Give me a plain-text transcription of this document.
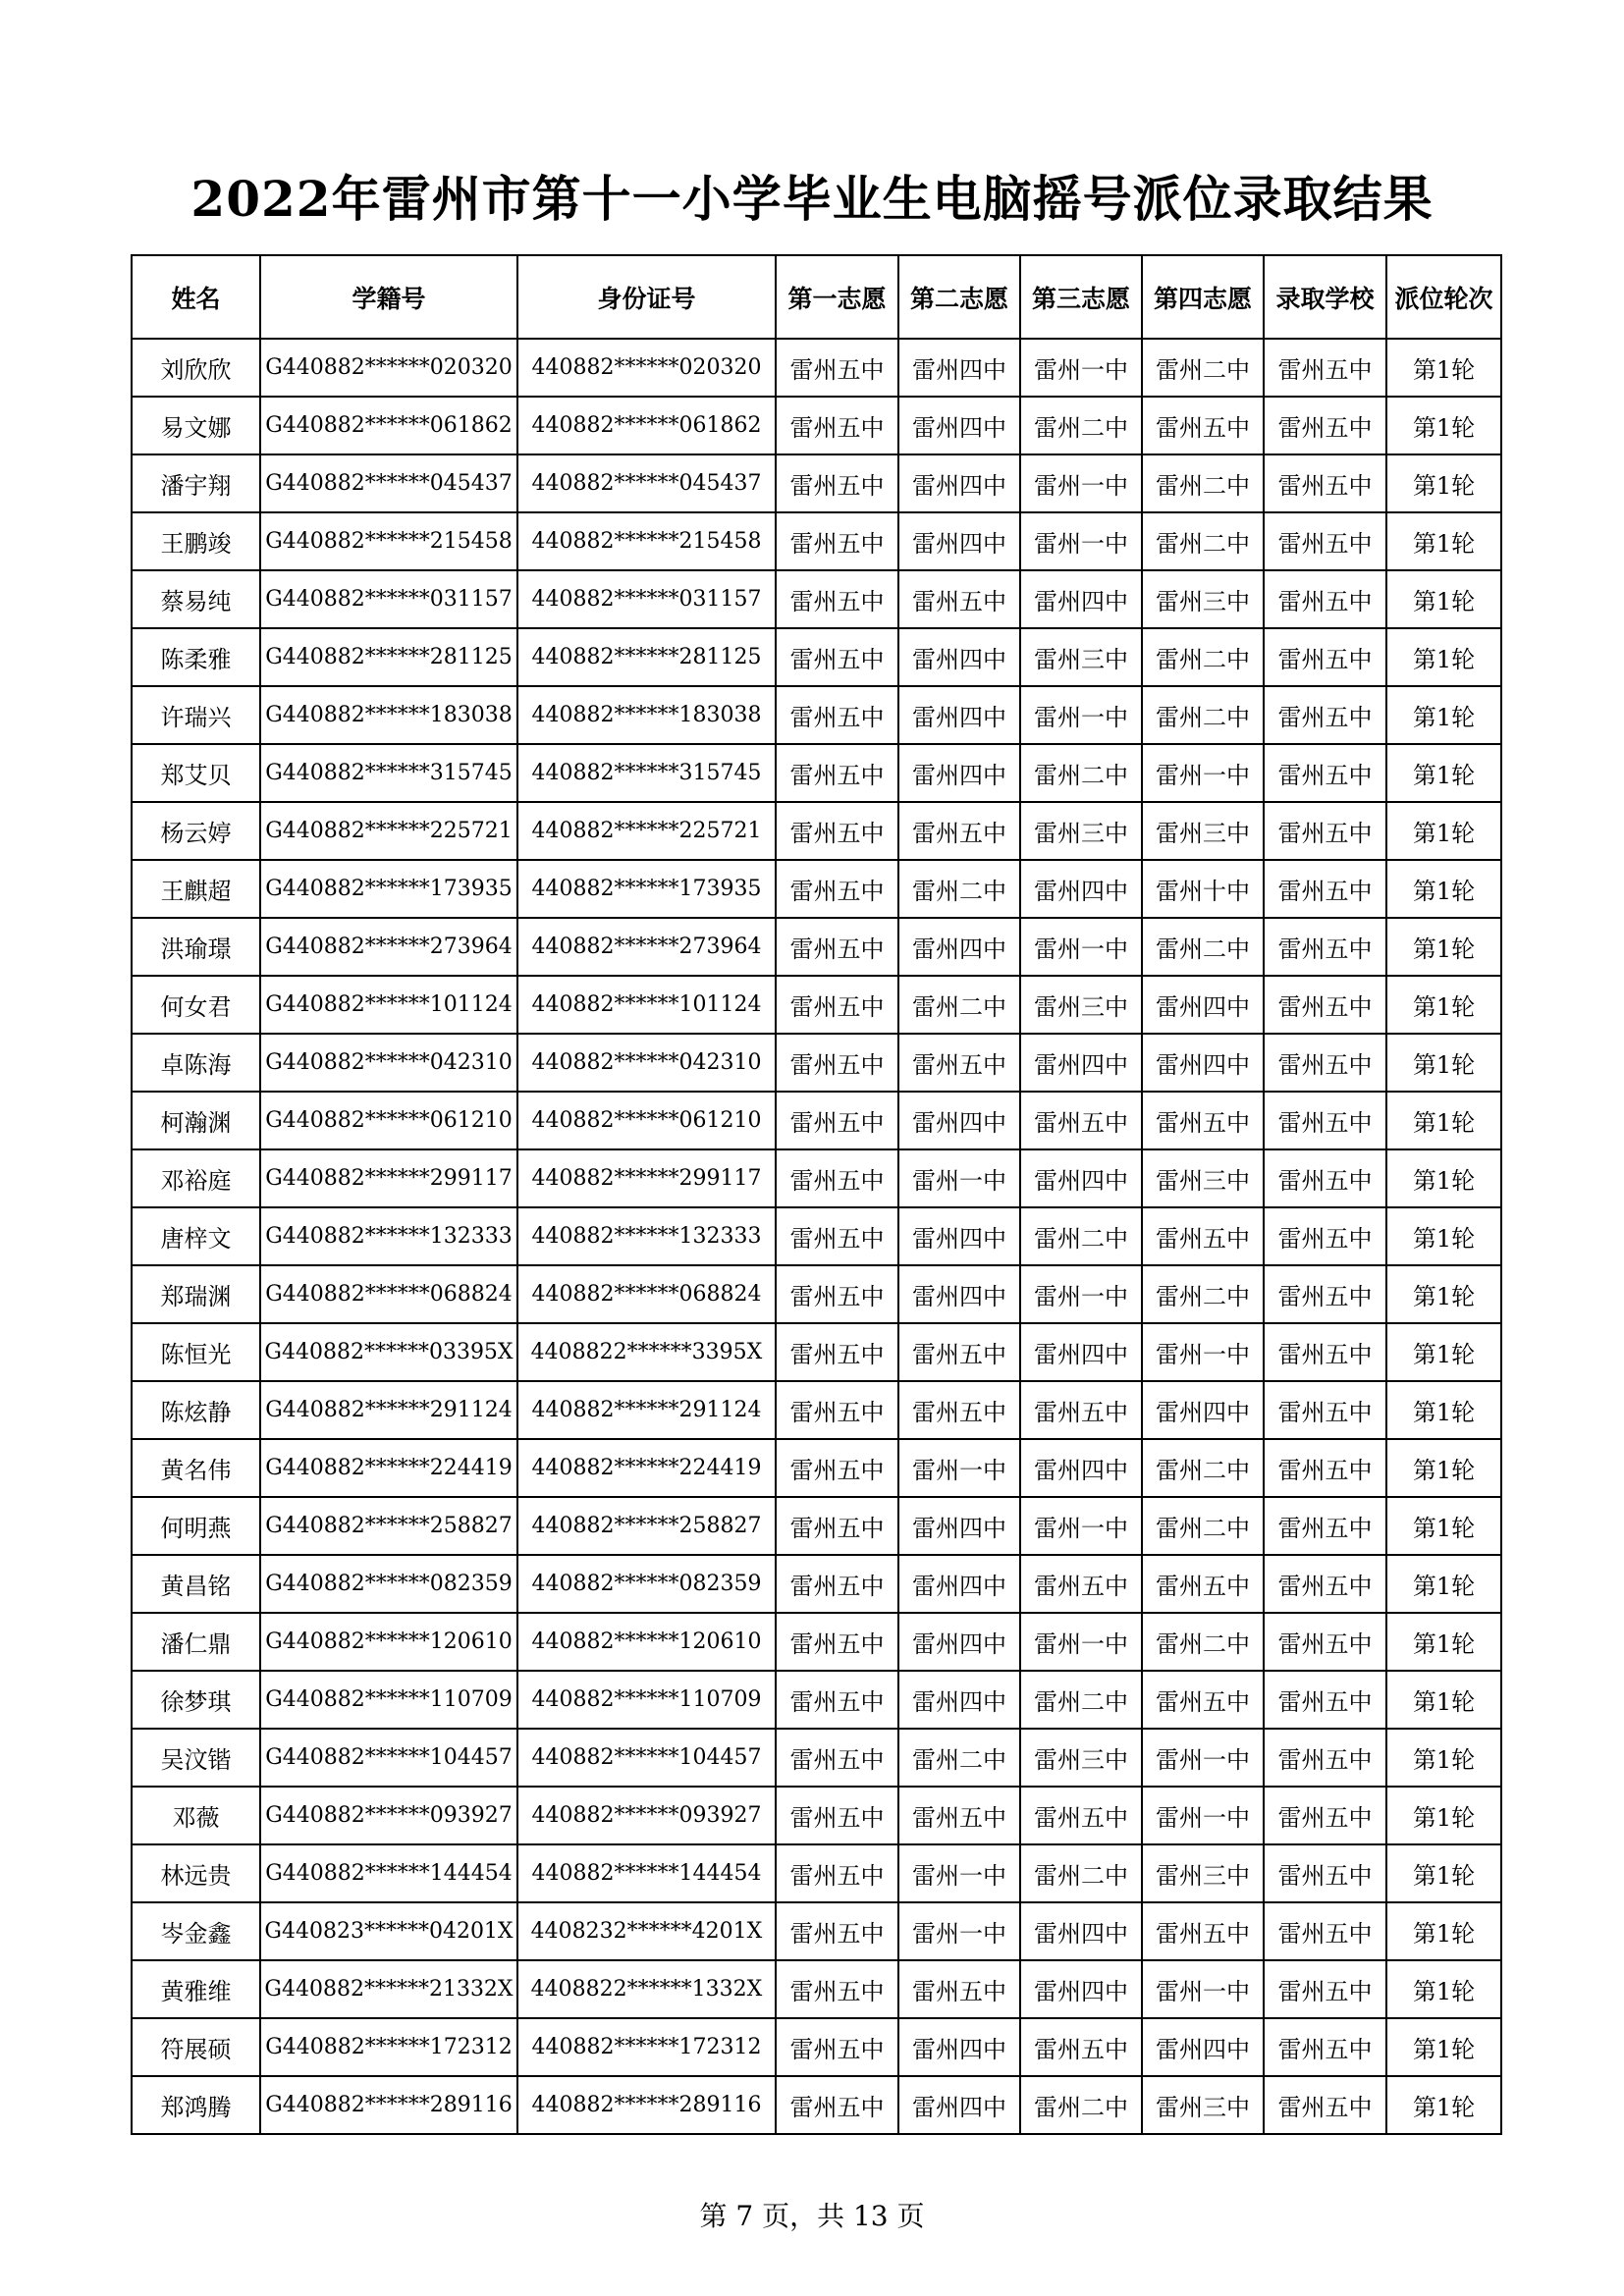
2022年雷州市第十一小学毕业生电脑摇号派位录取结果
姓名	学籍号	身份证号	第一志愿	第二志愿	第三志愿	第四志愿	录取学校	派位轮次
刘欣欣	G440882******020320	440882******020320	雷州五中	雷州四中	雷州一中	雷州二中	雷州五中	第1轮
易文娜	G440882******061862	440882******061862	雷州五中	雷州四中	雷州二中	雷州五中	雷州五中	第1轮
潘宇翔	G440882******045437	440882******045437	雷州五中	雷州四中	雷州一中	雷州二中	雷州五中	第1轮
王鹏竣	G440882******215458	440882******215458	雷州五中	雷州四中	雷州一中	雷州二中	雷州五中	第1轮
蔡易纯	G440882******031157	440882******031157	雷州五中	雷州五中	雷州四中	雷州三中	雷州五中	第1轮
陈柔雅	G440882******281125	440882******281125	雷州五中	雷州四中	雷州三中	雷州二中	雷州五中	第1轮
许瑞兴	G440882******183038	440882******183038	雷州五中	雷州四中	雷州一中	雷州二中	雷州五中	第1轮
郑艾贝	G440882******315745	440882******315745	雷州五中	雷州四中	雷州二中	雷州一中	雷州五中	第1轮
杨云婷	G440882******225721	440882******225721	雷州五中	雷州五中	雷州三中	雷州三中	雷州五中	第1轮
王麒超	G440882******173935	440882******173935	雷州五中	雷州二中	雷州四中	雷州十中	雷州五中	第1轮
洪瑜璟	G440882******273964	440882******273964	雷州五中	雷州四中	雷州一中	雷州二中	雷州五中	第1轮
何女君	G440882******101124	440882******101124	雷州五中	雷州二中	雷州三中	雷州四中	雷州五中	第1轮
卓陈海	G440882******042310	440882******042310	雷州五中	雷州五中	雷州四中	雷州四中	雷州五中	第1轮
柯瀚渊	G440882******061210	440882******061210	雷州五中	雷州四中	雷州五中	雷州五中	雷州五中	第1轮
邓裕庭	G440882******299117	440882******299117	雷州五中	雷州一中	雷州四中	雷州三中	雷州五中	第1轮
唐梓文	G440882******132333	440882******132333	雷州五中	雷州四中	雷州二中	雷州五中	雷州五中	第1轮
郑瑞渊	G440882******068824	440882******068824	雷州五中	雷州四中	雷州一中	雷州二中	雷州五中	第1轮
陈恒光	G440882******03395X	4408822******3395X	雷州五中	雷州五中	雷州四中	雷州一中	雷州五中	第1轮
陈炫静	G440882******291124	440882******291124	雷州五中	雷州五中	雷州五中	雷州四中	雷州五中	第1轮
黄名伟	G440882******224419	440882******224419	雷州五中	雷州一中	雷州四中	雷州二中	雷州五中	第1轮
何明燕	G440882******258827	440882******258827	雷州五中	雷州四中	雷州一中	雷州二中	雷州五中	第1轮
黄昌铭	G440882******082359	440882******082359	雷州五中	雷州四中	雷州五中	雷州五中	雷州五中	第1轮
潘仁鼎	G440882******120610	440882******120610	雷州五中	雷州四中	雷州一中	雷州二中	雷州五中	第1轮
徐梦琪	G440882******110709	440882******110709	雷州五中	雷州四中	雷州二中	雷州五中	雷州五中	第1轮
吴汶锴	G440882******104457	440882******104457	雷州五中	雷州二中	雷州三中	雷州一中	雷州五中	第1轮
邓薇	G440882******093927	440882******093927	雷州五中	雷州五中	雷州五中	雷州一中	雷州五中	第1轮
林远贵	G440882******144454	440882******144454	雷州五中	雷州一中	雷州二中	雷州三中	雷州五中	第1轮
岑金鑫	G440823******04201X	4408232******4201X	雷州五中	雷州一中	雷州四中	雷州五中	雷州五中	第1轮
黄雅维	G440882******21332X	4408822******1332X	雷州五中	雷州五中	雷州四中	雷州一中	雷州五中	第1轮
符展硕	G440882******172312	440882******172312	雷州五中	雷州四中	雷州五中	雷州四中	雷州五中	第1轮
郑鸿腾	G440882******289116	440882******289116	雷州五中	雷州四中	雷州二中	雷州三中	雷州五中	第1轮
第 7 页，共 13 页
